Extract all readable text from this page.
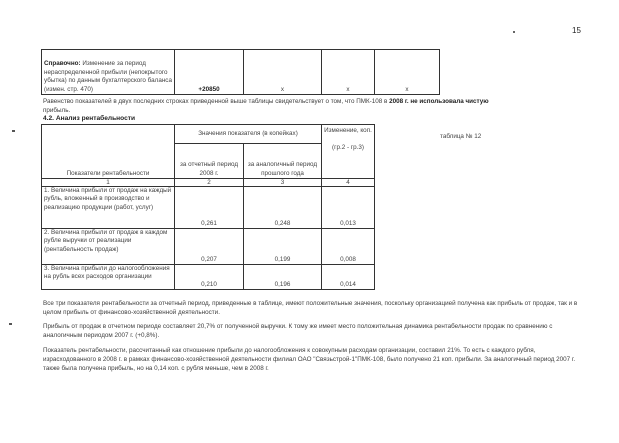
15
Справочно: Изменение за период нераспределенной прибыли (непокрытого убытка) по данным бухгалтерского баланса (измен. стр. 470)	+20850	x	x	x
Равенство показателей в двух последних строках приведенной выше таблицы свидетельствует о том, что ПМК-108 в 2008 г. не использовала чистую
прибыль.
4.2. Анализ рентабельности
таблица № 12
Показатели рентабельности	Значения показателя (в копейках)		Изменение, коп.

(гр.2 - гр.3)
	за отчетный период 2008 г.	за аналогичный период прошлого года	
1	2	3	4
1. Величина прибыли от продаж на каждый рубль, вложенный в производство и реализацию продукции (работ, услуг)	0,261	0,248	0,013
2. Величина прибыли от продаж в каждом рубле выручки от реализации (рентабельность продаж)	0,207	0,199	0,008
3. Величина прибыли до налогообложения на рубль всех расходов организации	0,210	0,196	0,014
Все три показателя рентабельности за отчетный период, приведенные в таблице, имеют положительные значения, поскольку организацией получена как прибыль от продаж, так и в целом прибыль от финансово-хозяйственной деятельности.
Прибыль от продаж в отчетном периоде составляет 20,7% от полученной выручки. К тому же имеет место положительная динамика рентабельности продаж по сравнению с аналогичным периодом 2007 г. (+0,8%).
Показатель рентабельности, рассчитанный как отношение прибыли до налогообложения к совокупным расходам организации, составил 21%. То есть с каждого рубля, израсходованного в 2008 г. в рамках финансово-хозяйственной деятельности филиал ОАО "Связьстрой-1"ПМК-108, было получено 21 коп. прибыли. За аналогичный период 2007 г. также была получена прибыль, но на 0,14 коп. с рубля меньше, чем в 2008 г.
